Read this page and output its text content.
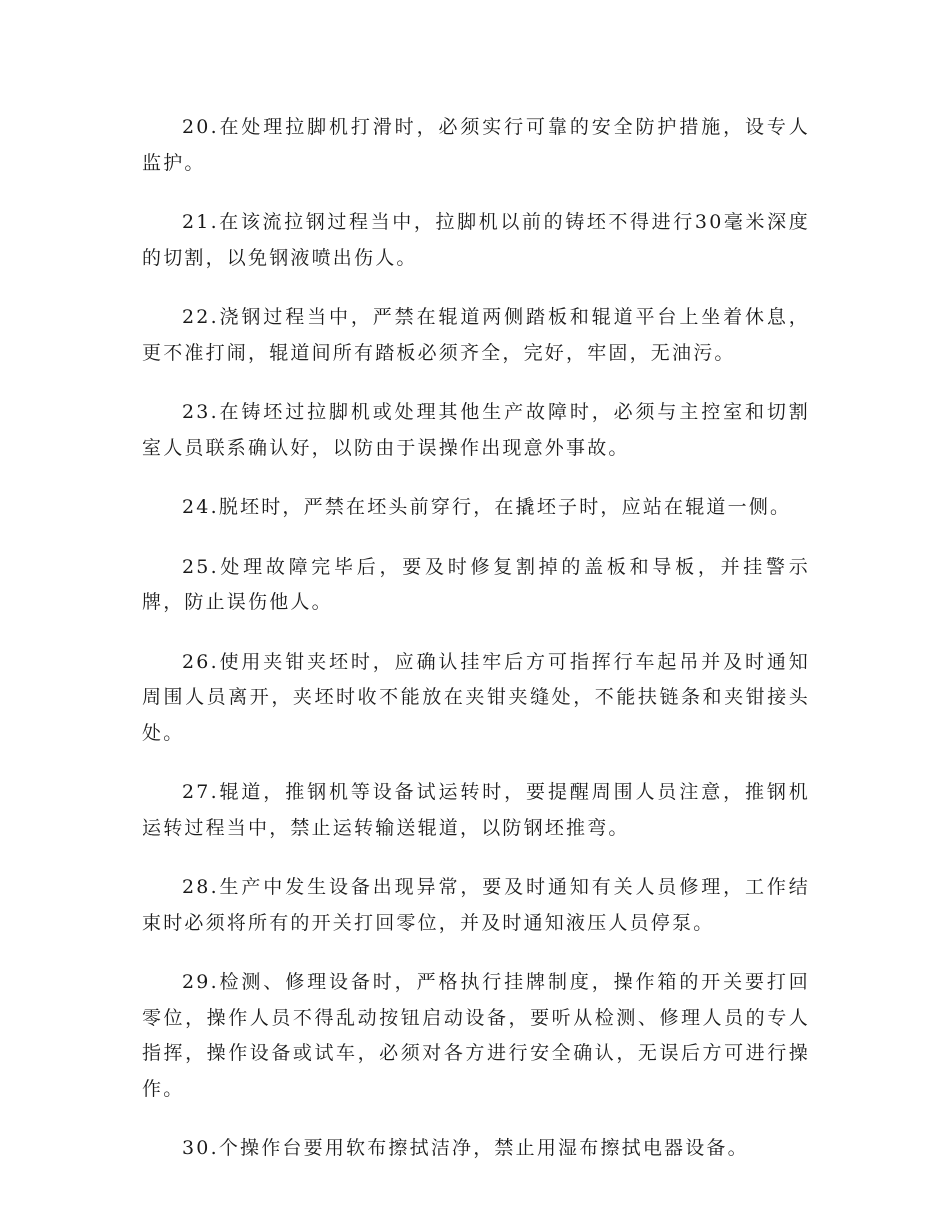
20.在处理拉脚机打滑时，必须实行可靠的安全防护措施，设专人监护。

21.在该流拉钢过程当中，拉脚机以前的铸坯不得进行30毫米深度的切割，以免钢液喷出伤人。

22.浇钢过程当中，严禁在辊道两侧踏板和辊道平台上坐着休息，更不准打闹，辊道间所有踏板必须齐全，完好，牢固，无油污。

23.在铸坯过拉脚机或处理其他生产故障时，必须与主控室和切割室人员联系确认好，以防由于误操作出现意外事故。

24.脱坯时，严禁在坯头前穿行，在撬坯子时，应站在辊道一侧。

25.处理故障完毕后，要及时修复割掉的盖板和导板，并挂警示牌，防止误伤他人。

26.使用夹钳夹坯时，应确认挂牢后方可指挥行车起吊并及时通知周围人员离开，夹坯时收不能放在夹钳夹缝处，不能扶链条和夹钳接头处。

27.辊道，推钢机等设备试运转时，要提醒周围人员注意，推钢机运转过程当中，禁止运转输送辊道，以防钢坯推弯。

28.生产中发生设备出现异常，要及时通知有关人员修理，工作结束时必须将所有的开关打回零位，并及时通知液压人员停泵。

29.检测、修理设备时，严格执行挂牌制度，操作箱的开关要打回零位，操作人员不得乱动按钮启动设备，要听从检测、修理人员的专人指挥，操作设备或试车，必须对各方进行安全确认，无误后方可进行操作。

30.个操作台要用软布擦拭洁净，禁止用湿布擦拭电器设备。
